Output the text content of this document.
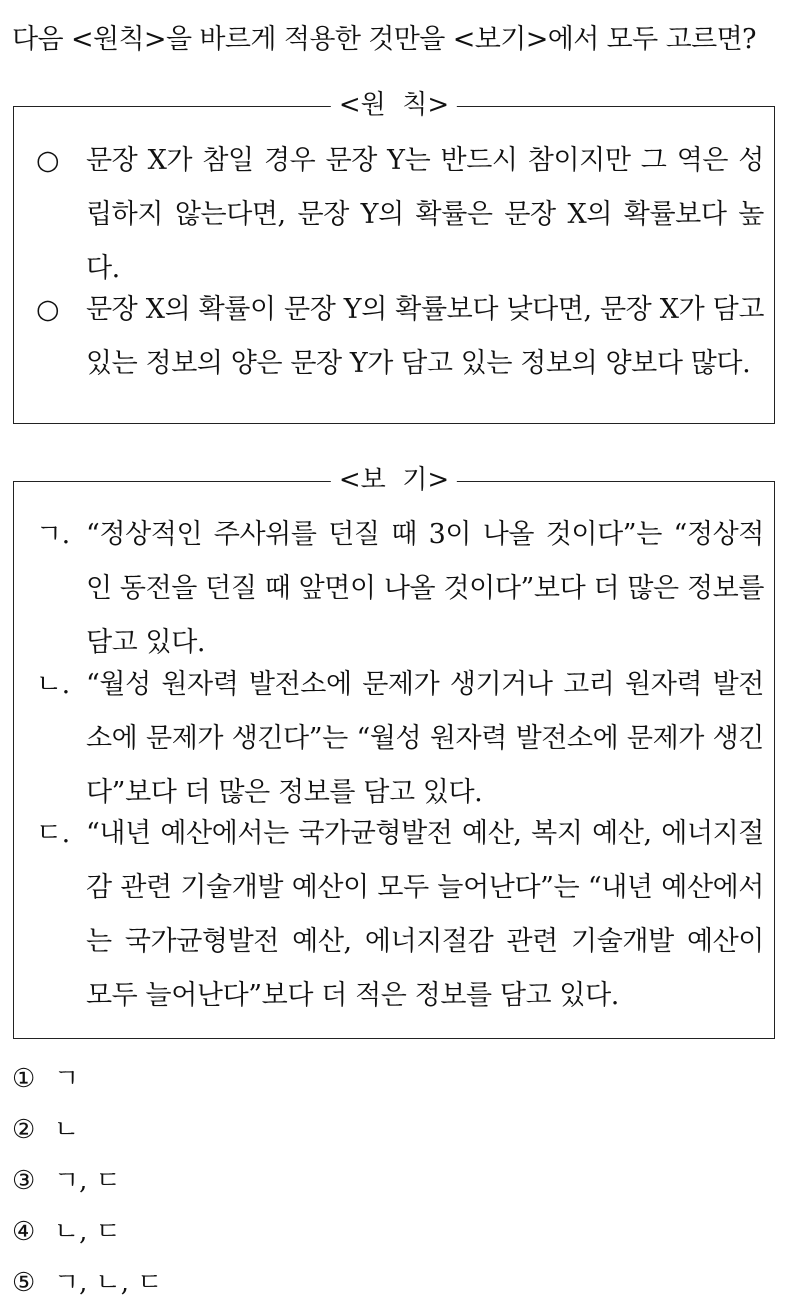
다음 <원칙>을 바르게 적용한 것만을 <보기>에서 모두 고르면?
<원  칙>
○ 문장 X가 참일 경우 문장 Y는 반드시 참이지만 그 역은 성립하지 않는다면, 문장 Y의 확률은 문장 X의 확률보다 높다.
○ 문장 X의 확률이 문장 Y의 확률보다 낮다면, 문장 X가 담고 있는 정보의 양은 문장 Y가 담고 있는 정보의 양보다 많다.
<보  기>
ㄱ. “정상적인 주사위를 던질 때 3이 나올 것이다”는 “정상적인 동전을 던질 때 앞면이 나올 것이다”보다 더 많은 정보를 담고 있다.
ㄴ. “월성 원자력 발전소에 문제가 생기거나 고리 원자력 발전소에 문제가 생긴다”는 “월성 원자력 발전소에 문제가 생긴다”보다 더 많은 정보를 담고 있다.
ㄷ. “내년 예산에서는 국가균형발전 예산, 복지 예산, 에너지절감 관련 기술개발 예산이 모두 늘어난다”는 “내년 예산에서는 국가균형발전 예산, 에너지절감 관련 기술개발 예산이 모두 늘어난다”보다 더 적은 정보를 담고 있다.
① ㄱ
② ㄴ
③ ㄱ, ㄷ
④ ㄴ, ㄷ
⑤ ㄱ, ㄴ, ㄷ
